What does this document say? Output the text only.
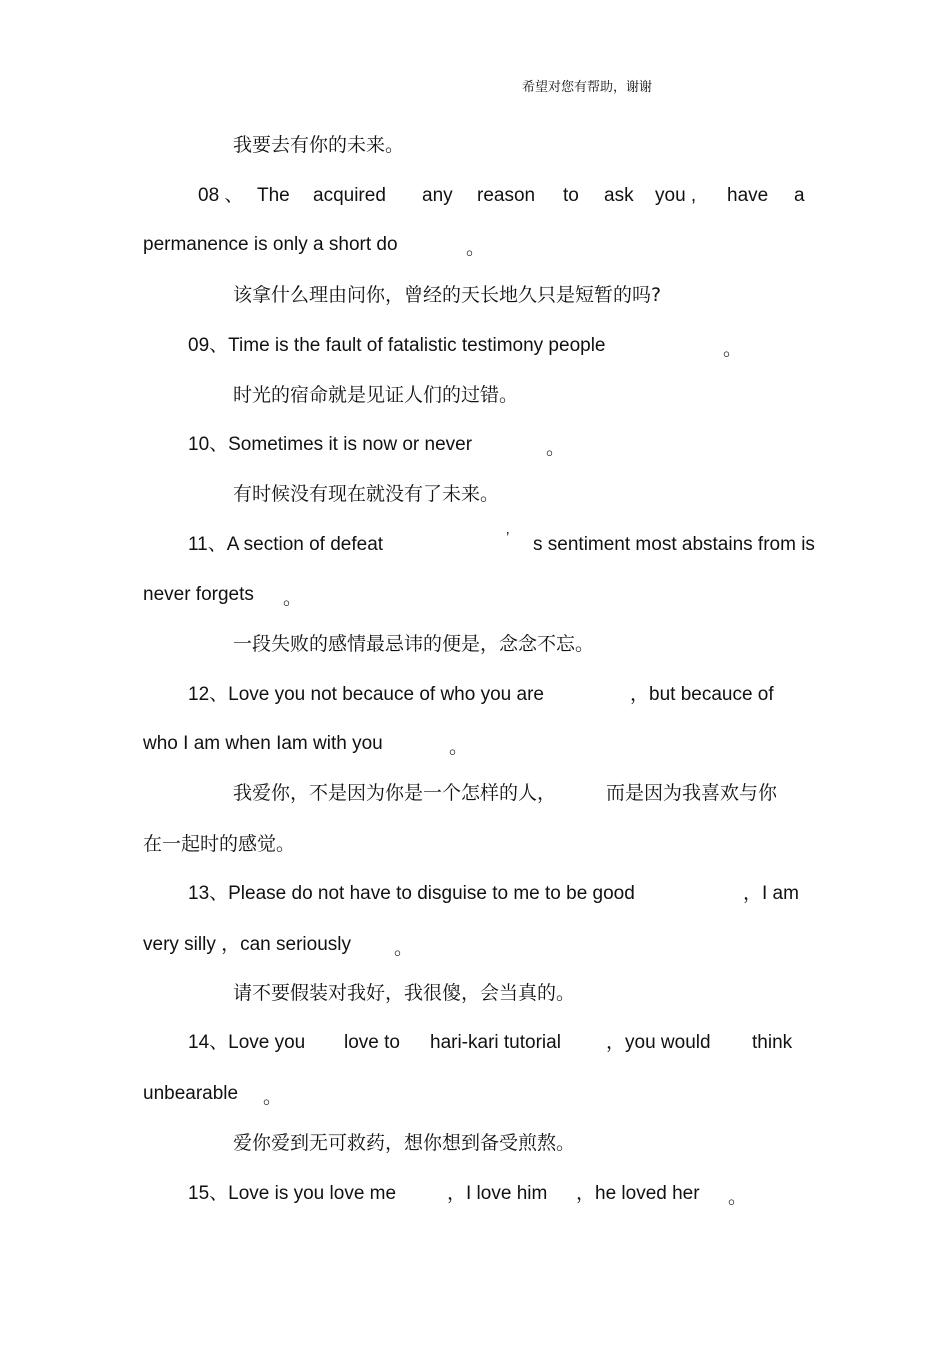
希望对您有帮助，谢谢
我要去有你的未来。
08 、 The acquired any reason to ask you , have a
permanence is only a short do	。
该拿什么理由问你，曾经的天长地久只是短暂的吗?
09、Time is the fault of fatalistic testimony people	。
时光的宿命就是见证人们的过错。
10、Sometimes it is now or never	。
有时候没有现在就没有了未来。
11、A section of defeat	’ s sentiment most abstains from is
never forgets 。
一段失败的感情最忌讳的便是，念念不忘。
12、Love you not becauce of who you are	，but becauce of
who I am when Iam with you	。
我爱你，不是因为你是一个怎样的人，	而是因为我喜欢与你
在一起时的感觉。
13、Please do not have to disguise to me to be good	，I am
very silly ，can seriously 。
请不要假装对我好，我很傻，会当真的。
14、Love you love to hari-kari tutorial ，you would think
unbearable 。
爱你爱到无可救药，想你想到备受煎熬。
15、Love is you love me	，I love him ，he loved her 。
